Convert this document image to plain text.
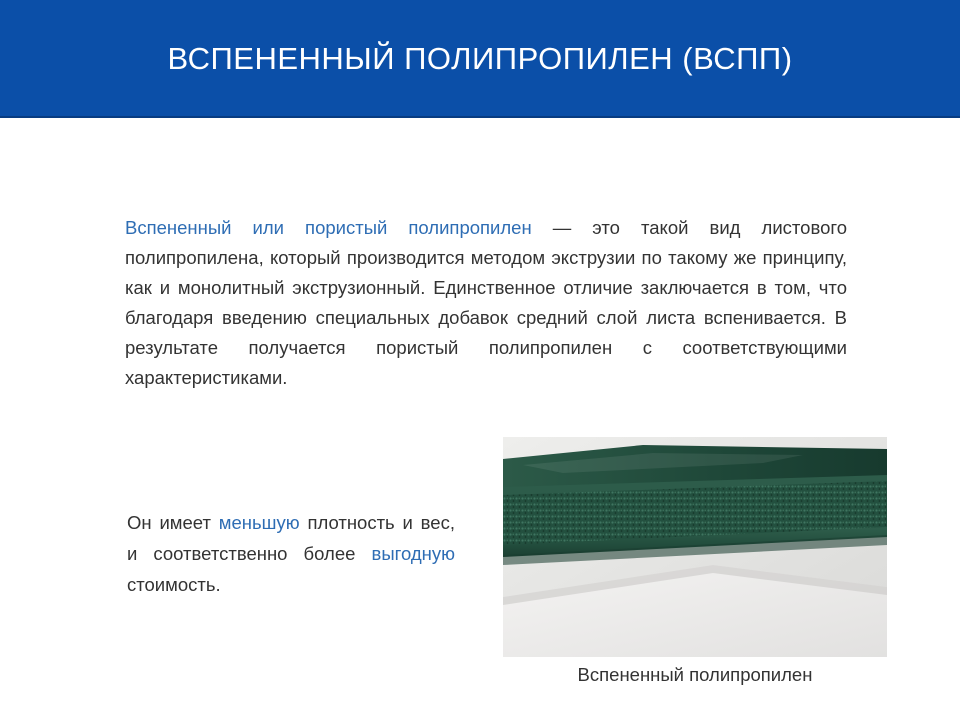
ВСПЕНЕННЫЙ ПОЛИПРОПИЛЕН (ВСПП)
Вспененный или пористый полипропилен — это такой вид листового полипропилена, который производится методом экструзии по такому же принципу, как и монолитный экструзионный. Единственное отличие заключается в том, что благодаря введению специальных добавок средний слой листа вспенивается. В результате получается пористый полипропилен с соответствующими характеристиками.
Он имеет меньшую плотность и вес, и соответственно более выгодную стоимость.
Вспененный полипропилен
